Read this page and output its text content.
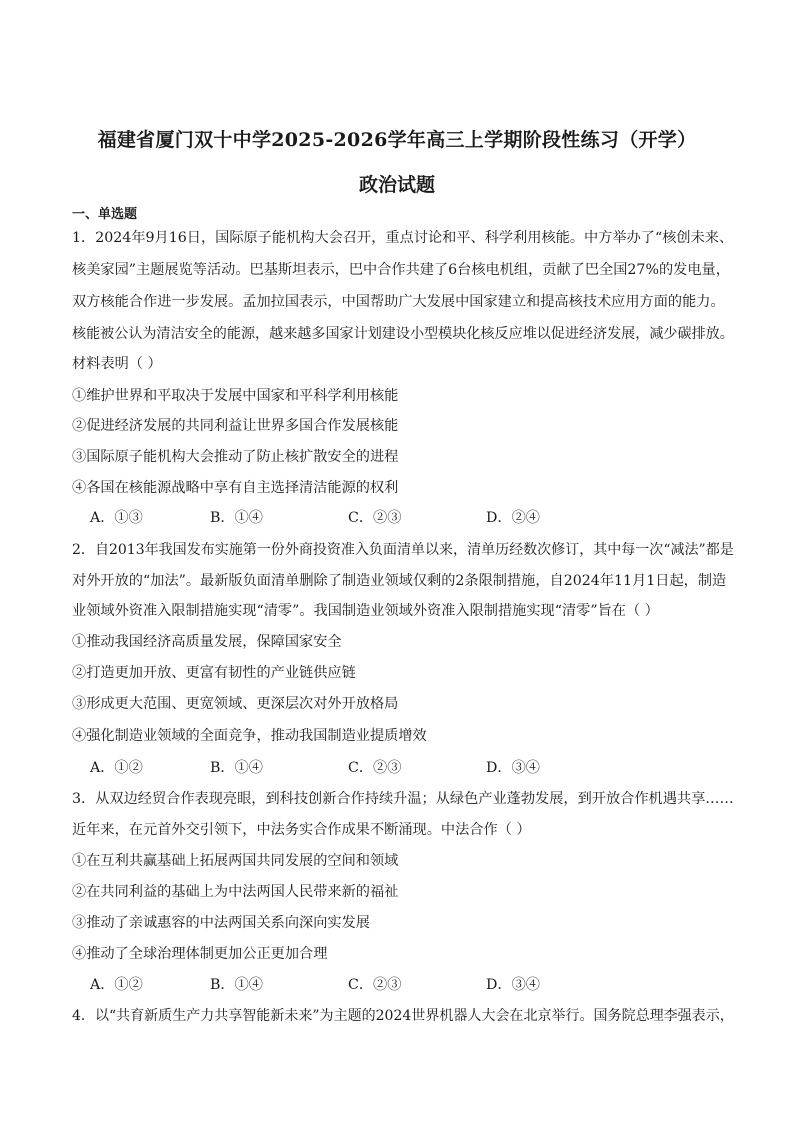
福建省厦门双十中学2025-2026学年高三上学期阶段性练习（开学）
政治试题
一、单选题
1．2024年9月16日，国际原子能机构大会召开，重点讨论和平、科学利用核能。中方举办了“核创未来、
核美家园”主题展览等活动。巴基斯坦表示，巴中合作共建了6台核电机组，贡献了巴全国27%的发电量，
双方核能合作进一步发展。孟加拉国表示，中国帮助广大发展中国家建立和提高核技术应用方面的能力。
核能被公认为清洁安全的能源，越来越多国家计划建设小型模块化核反应堆以促进经济发展，减少碳排放。
材料表明（ ）
①维护世界和平取决于发展中国家和平科学利用核能
②促进经济发展的共同利益让世界多国合作发展核能
③国际原子能机构大会推动了防止核扩散安全的进程
④各国在核能源战略中享有自主选择清洁能源的权利
A．①③	B．①④	C．②③	D．②④
2．自2013年我国发布实施第一份外商投资准入负面清单以来，清单历经数次修订，其中每一次“减法”都是
对外开放的“加法”。最新版负面清单删除了制造业领域仅剩的2条限制措施，自2024年11月1日起，制造
业领域外资准入限制措施实现“清零”。我国制造业领域外资准入限制措施实现“清零”旨在（ ）
①推动我国经济高质量发展，保障国家安全
②打造更加开放、更富有韧性的产业链供应链
③形成更大范围、更宽领域、更深层次对外开放格局
④强化制造业领域的全面竞争，推动我国制造业提质增效
A．①②	B．①④	C．②③	D．③④
3．从双边经贸合作表现亮眼，到科技创新合作持续升温；从绿色产业蓬勃发展，到开放合作机遇共享……
近年来，在元首外交引领下，中法务实合作成果不断涌现。中法合作（ ）
①在互利共赢基础上拓展两国共同发展的空间和领域
②在共同利益的基础上为中法两国人民带来新的福祉
③推动了亲诚惠容的中法两国关系向深向实发展
④推动了全球治理体制更加公正更加合理
A．①②	B．①④	C．②③	D．③④
4．以“共育新质生产力共享智能新未来”为主题的2024世界机器人大会在北京举行。国务院总理李强表示，
